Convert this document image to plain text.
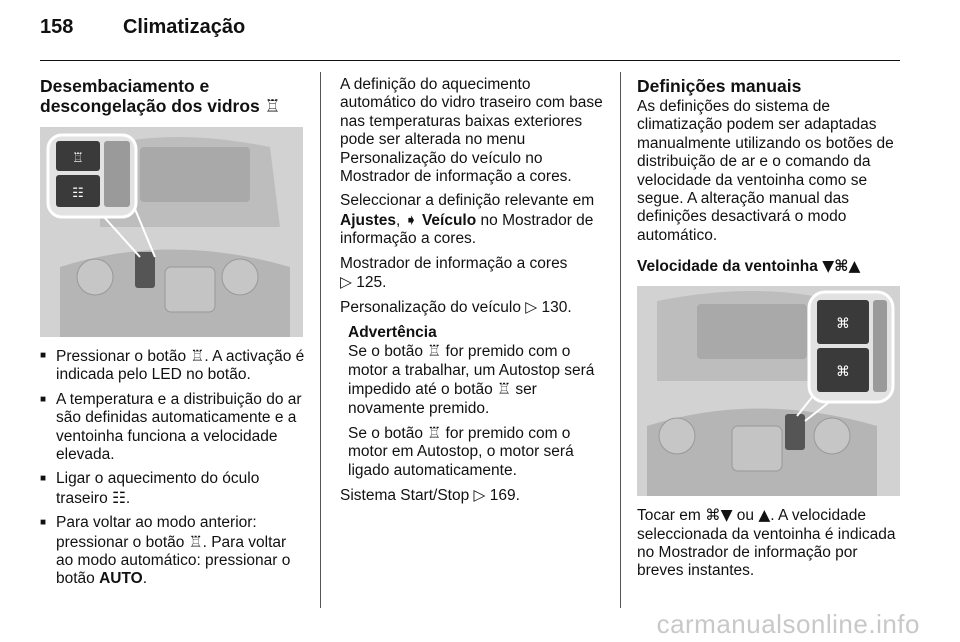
158 Climatização
Desembaciamento e descongelação dos vidros ♖
♖
☷
■ Pressionar o botão ♖. A activação é indicada pelo LED no botão.
■ A temperatura e a distribuição do ar são definidas automaticamente e a ventoinha funciona a velocidade elevada.
■ Ligar o aquecimento do óculo traseiro ☷.
■ Para voltar ao modo anterior: pressionar o botão ♖. Para voltar ao modo automático: pressionar o botão AUTO.

A definição do aquecimento automático do vidro traseiro com base nas temperaturas baixas exteriores pode ser alterada no menu Personalização do veículo no Mostrador de informação a cores.

Seleccionar a definição relevante em Ajustes, ➧ Veículo no Mostrador de informação a cores.

Mostrador de informação a cores
▷ 125.

Personalização do veículo ▷ 130.

Advertência

Se o botão ♖ for premido com o motor a trabalhar, um Autostop será impedido até o botão ♖ ser novamente premido.

Se o botão ♖ for premido com o motor em Autostop, o motor será ligado automaticamente.

Sistema Start/Stop ▷ 169.

Definições manuais

As definições do sistema de climatização podem ser adaptadas manualmente utilizando os botões de distribuição de ar e o comando da velocidade da ventoinha como se segue. A alteração manual das definições desactivará o modo automático.

Velocidade da ventoinha ▼⌘▲
⌘
⌘

Tocar em ⌘▼ ou ▲. A velocidade seleccionada da ventoinha é indicada no Mostrador de informação por breves instantes.

carmanualsonline.info
